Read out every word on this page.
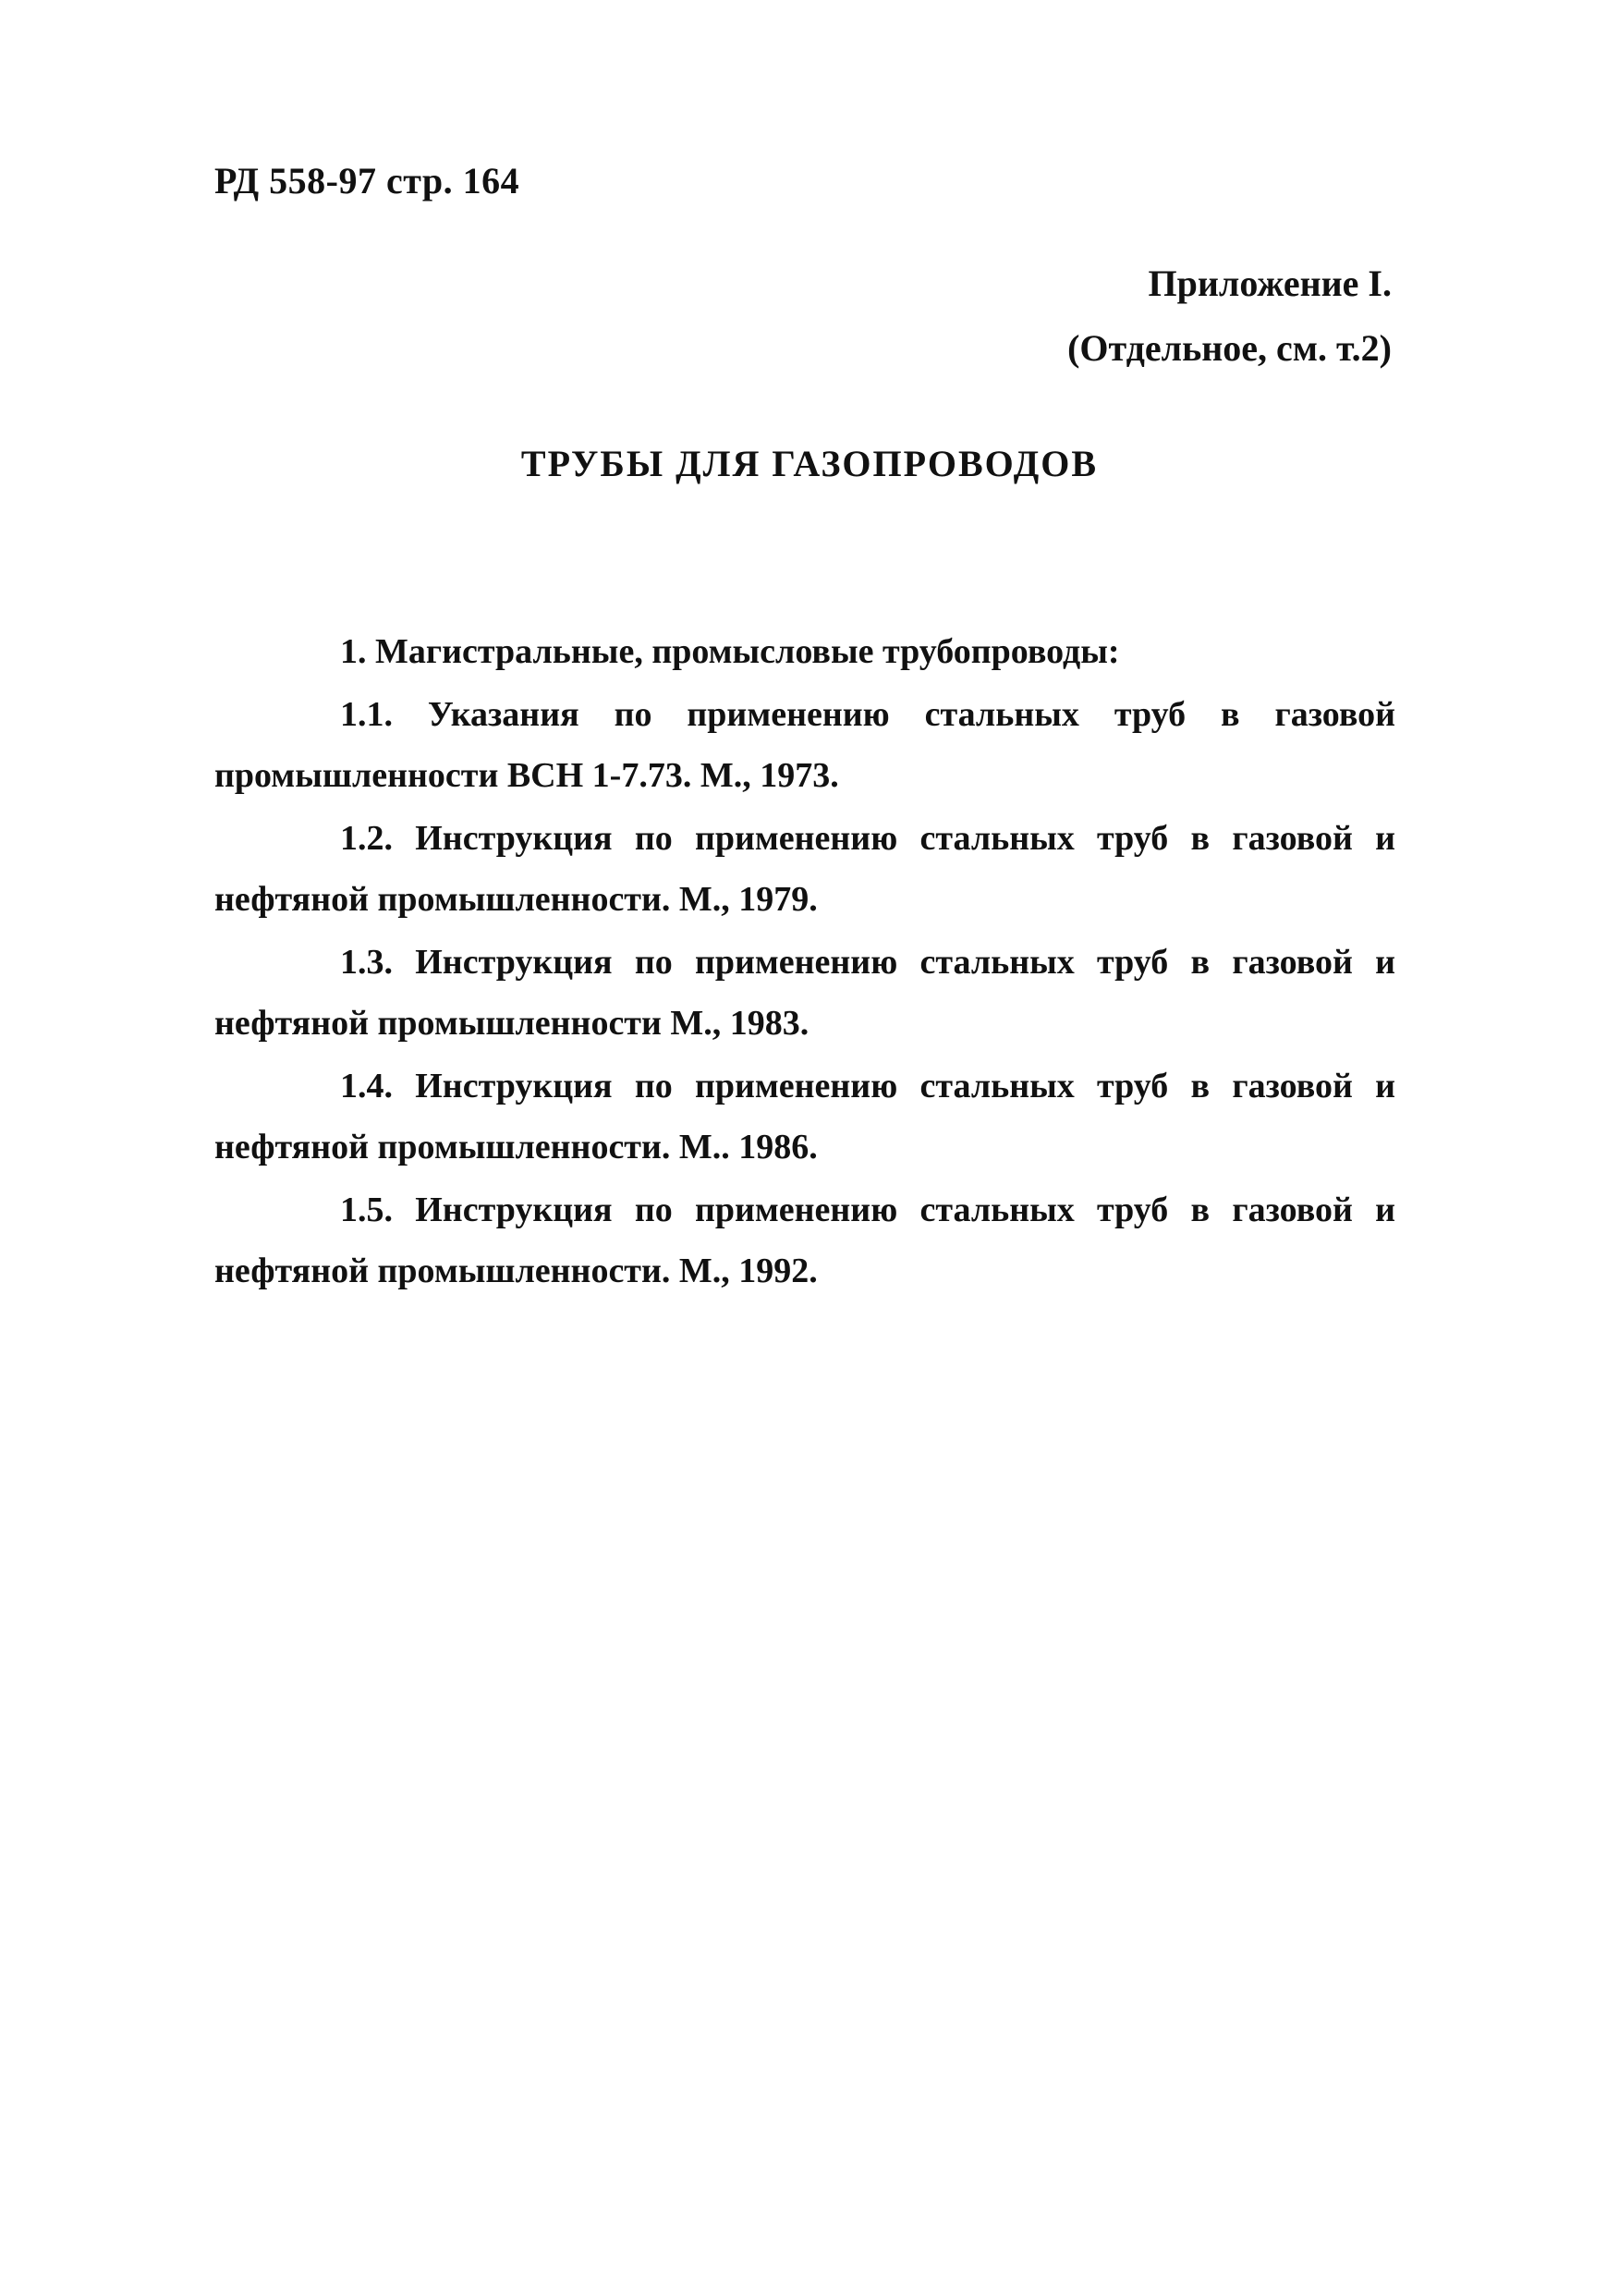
РД 558-97 стр. 164
Приложение I.
(Отдельное, см. т.2)
ТРУБЫ ДЛЯ ГАЗОПРОВОДОВ

1. Магистральные, промысловые трубопроводы:

1.1. Указания по применению стальных труб в газовой промышленности ВСН 1-7.73. М., 1973.

1.2. Инструкция по применению стальных труб в газовой и нефтяной промышленности. М., 1979.

1.3. Инструкция по применению стальных труб в газовой и нефтяной промышленности М., 1983.

1.4. Инструкция по применению стальных труб в газовой и нефтяной промышленности. М.. 1986.

1.5. Инструкция по применению стальных труб в газовой и нефтяной промышленности. М., 1992.
